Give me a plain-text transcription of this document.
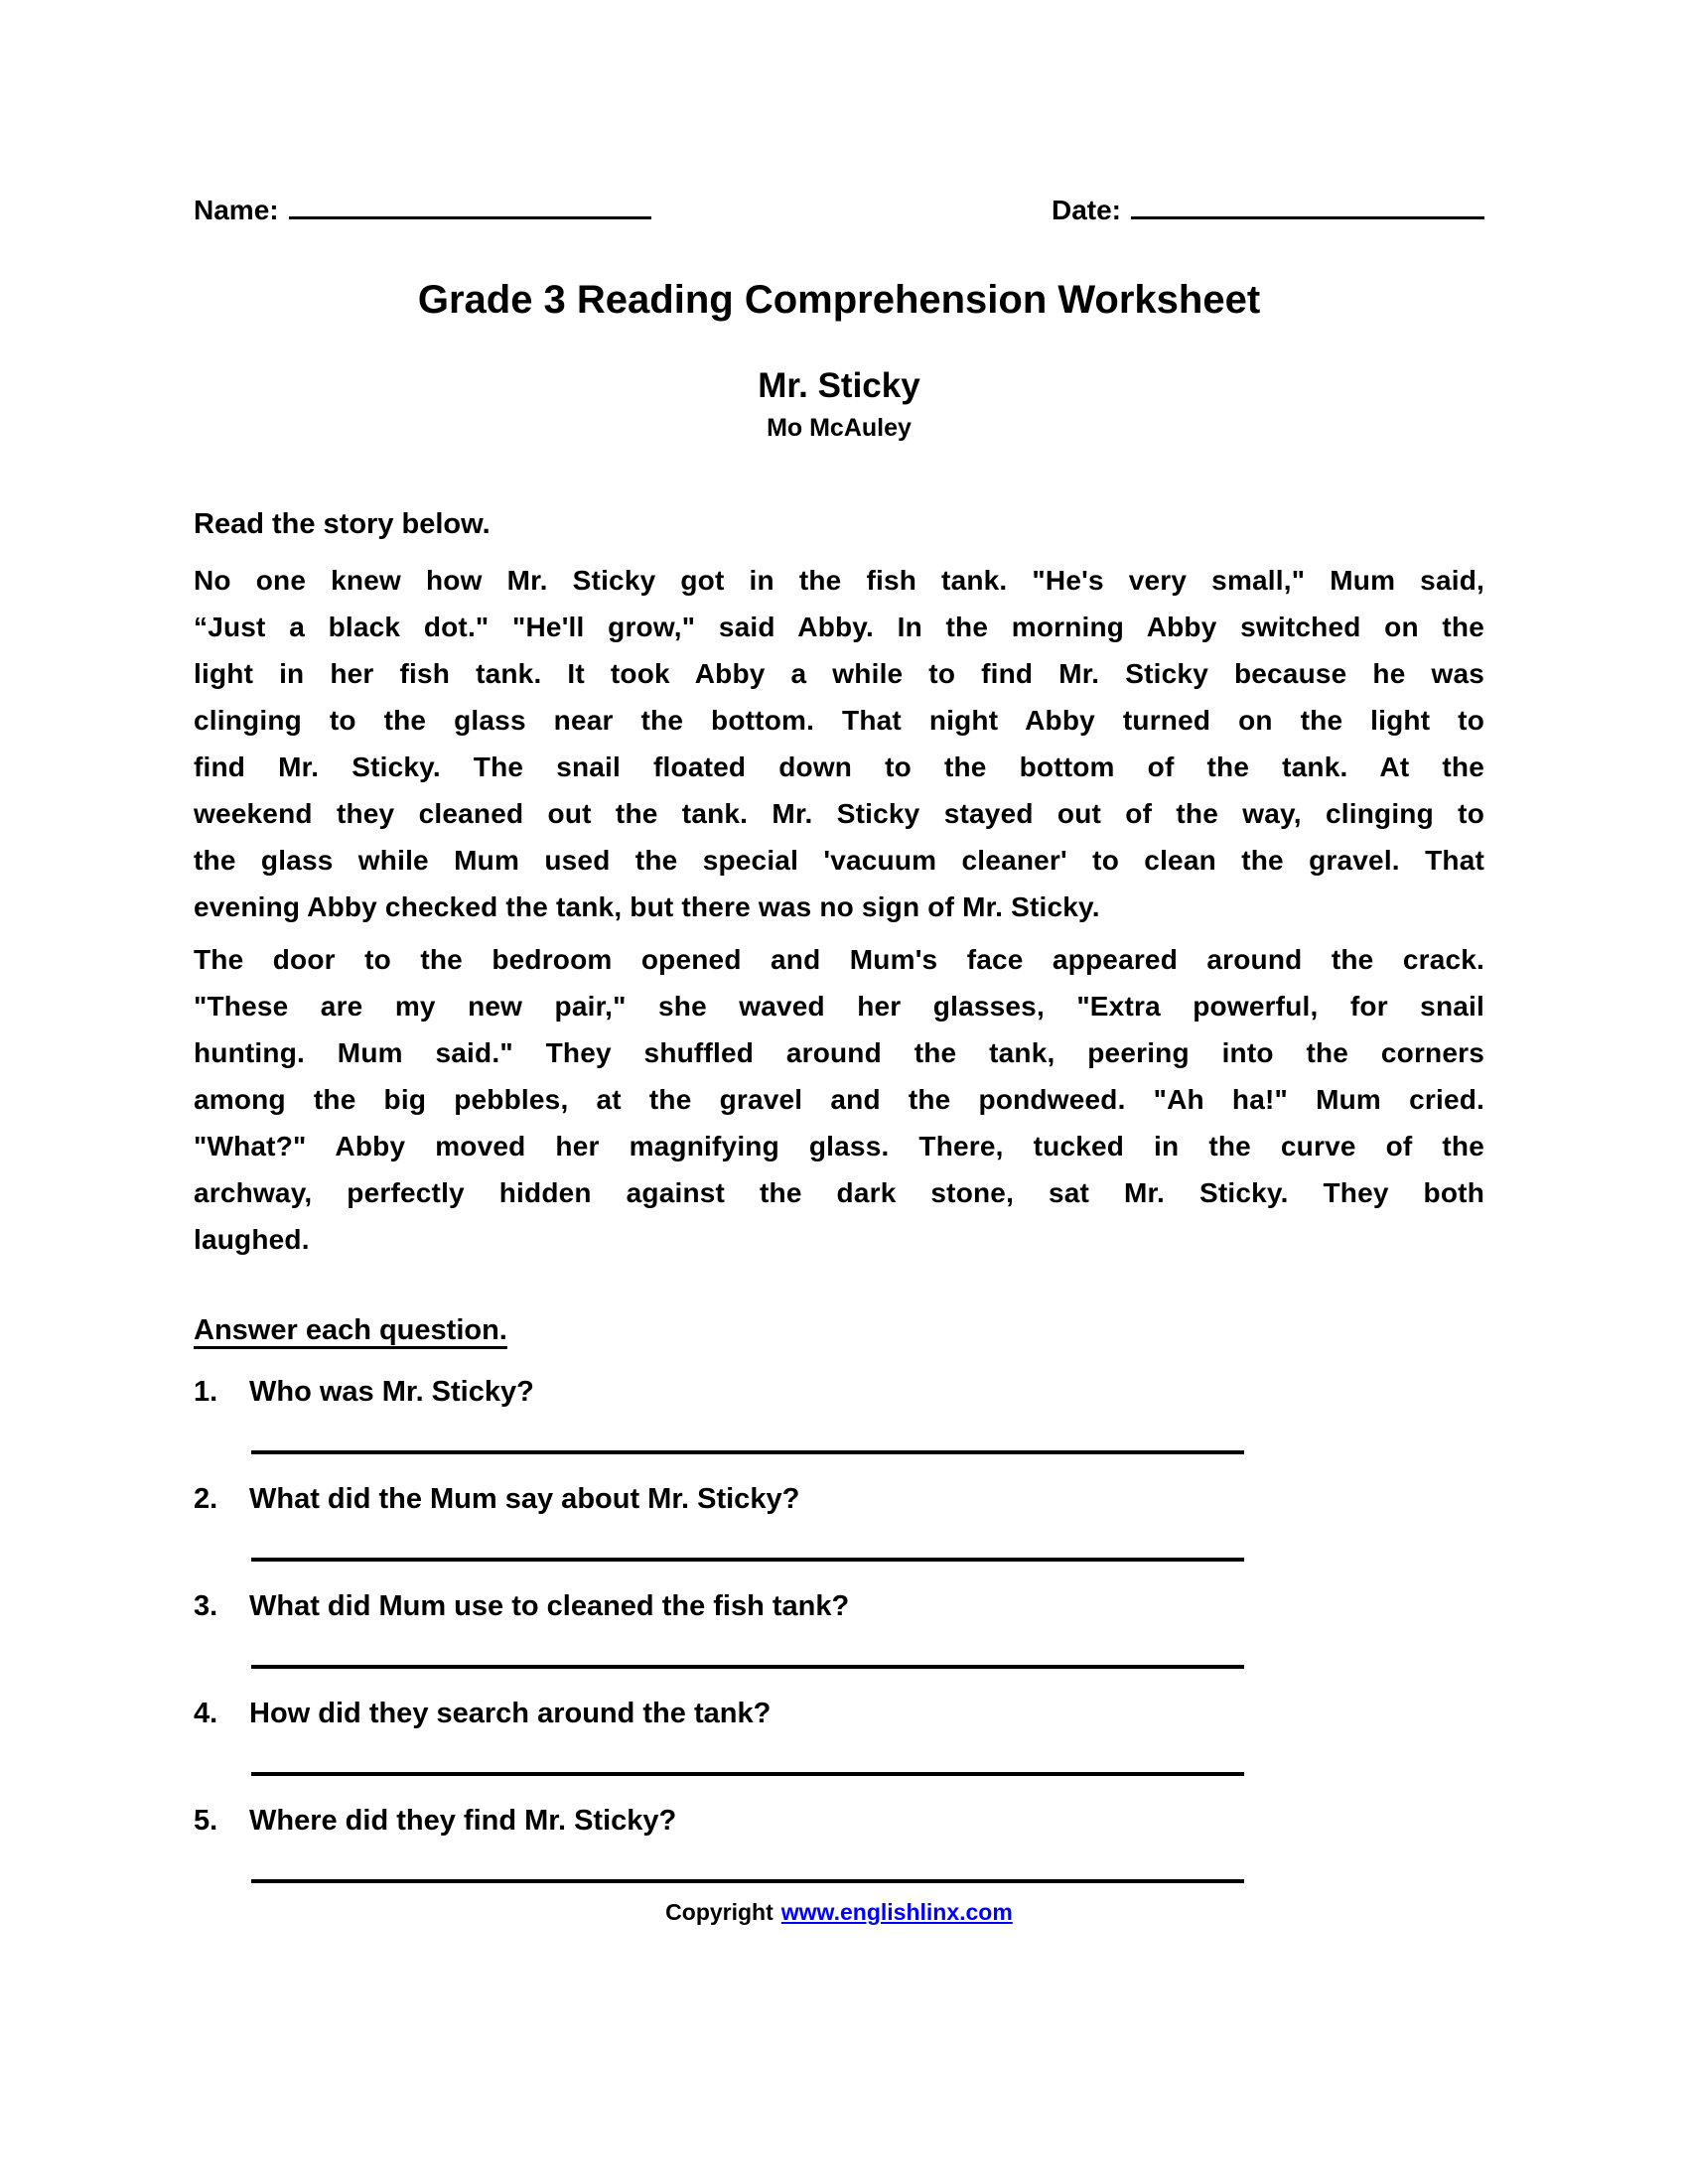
Name:	Date:
Grade 3 Reading Comprehension Worksheet
Mr. Sticky
Mo McAuley
Read the story below.

No one knew how Mr. Sticky got in the fish tank. "He's very small," Mum said,
“Just a black dot." "He'll grow," said Abby. In the morning Abby switched on the
light in her fish tank. It took Abby a while to find Mr. Sticky because he was
clinging to the glass near the bottom. That night Abby turned on the light to
find Mr. Sticky. The snail floated down to the bottom of the tank. At the
weekend they cleaned out the tank. Mr. Sticky stayed out of the way, clinging to
the glass while Mum used the special 'vacuum cleaner' to clean the gravel. That
evening Abby checked the tank, but there was no sign of Mr. Sticky.

The door to the bedroom opened and Mum's face appeared around the crack.
"These are my new pair," she waved her glasses, "Extra powerful, for snail
hunting. Mum said." They shuffled around the tank, peering into the corners
among the big pebbles, at the gravel and the pondweed. "Ah ha!" Mum cried.
"What?" Abby moved her magnifying glass. There, tucked in the curve of the
archway, perfectly hidden against the dark stone, sat Mr. Sticky. They both
laughed.

Answer each question.
1.	Who was Mr. Sticky?
2.	What did the Mum say about Mr. Sticky?
3.	What did Mum use to cleaned the fish tank?
4.	How did they search around the tank?
5.	Where did they find Mr. Sticky?
Copyright www.englishlinx.com
